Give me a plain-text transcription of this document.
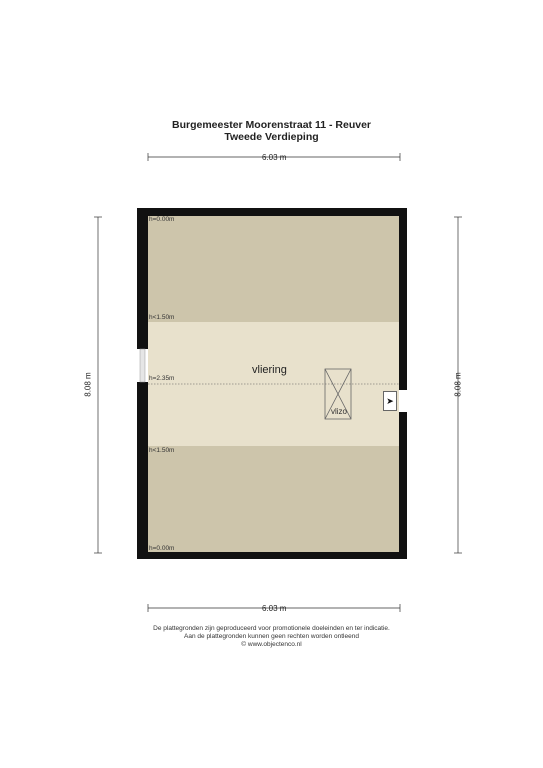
Burgemeester Moorenstraat 11 - Reuver
Tweede Verdieping
6.03 m
6.03 m
8.08 m	8.08 m
h=0.00m
h<1.50m
h=2.35m
h<1.50m
h=0.00m
vliering
vlizo
➤
De plattegronden zijn geproduceerd voor promotionele doeleinden en ter indicatie.
Aan de plattegronden kunnen geen rechten worden ontleend
© www.objectenco.nl
